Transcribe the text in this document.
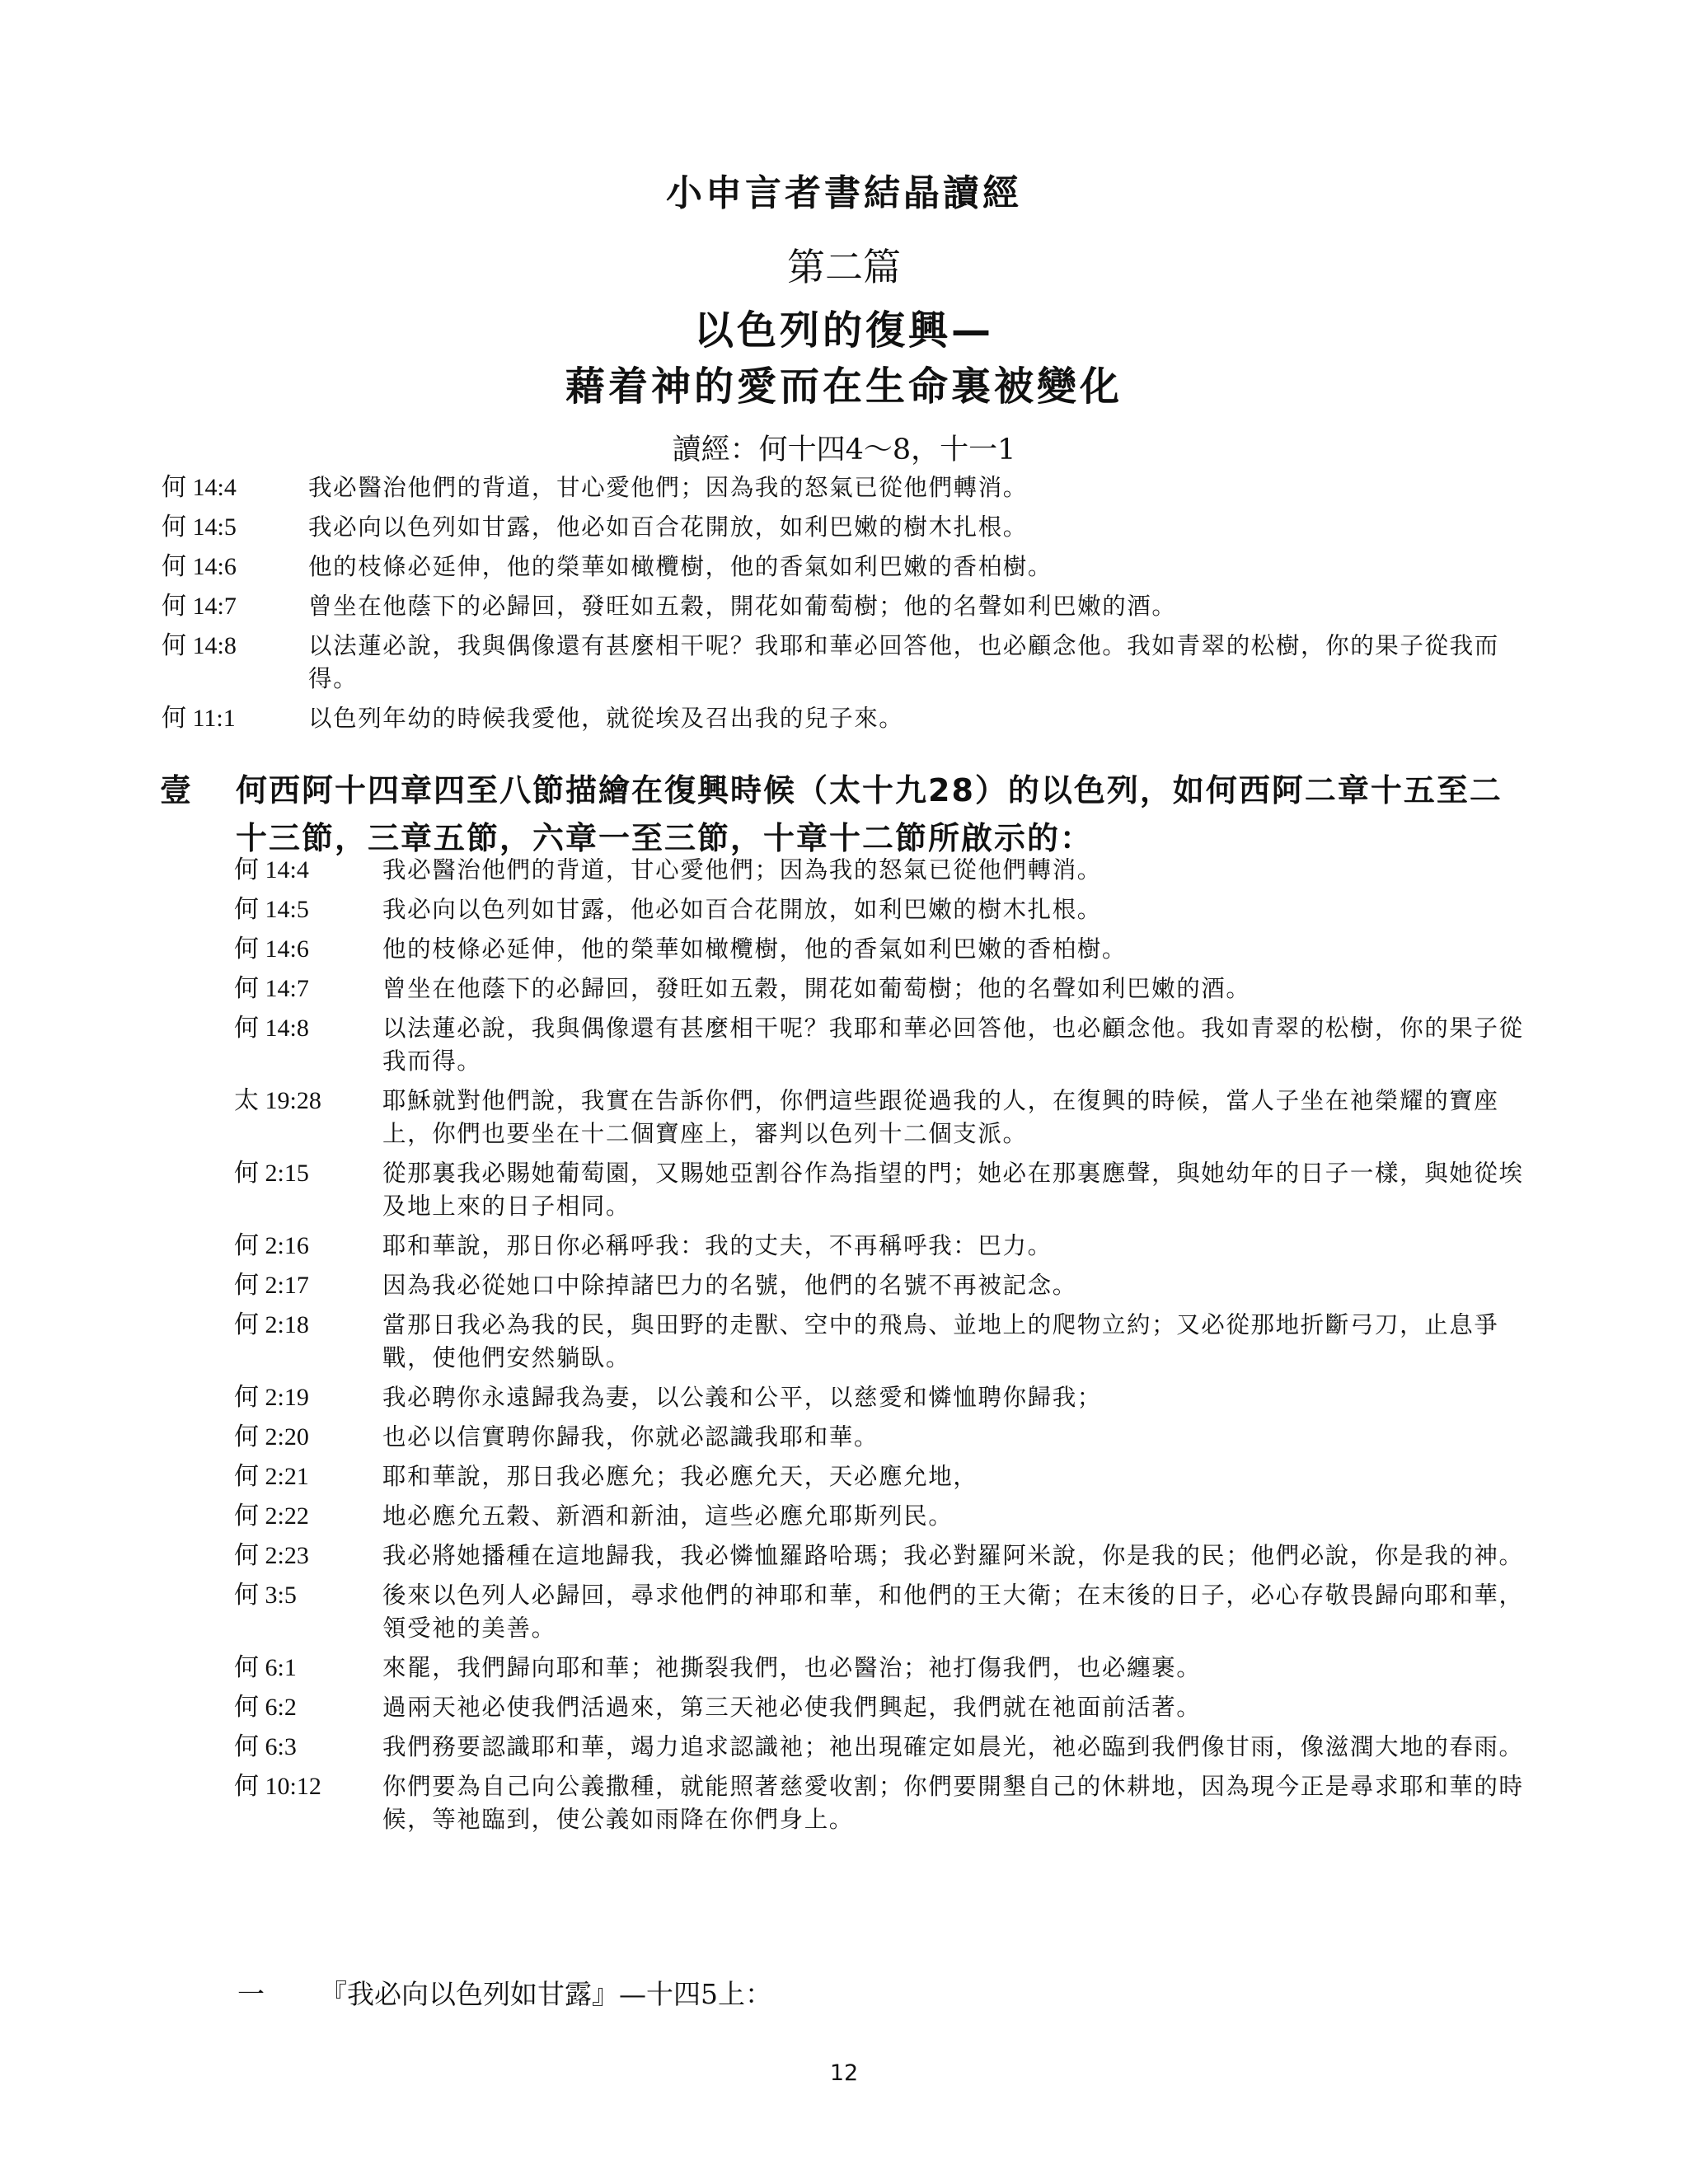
小申言者書結晶讀經
第二篇
以色列的復興—
藉着神的愛而在生命裏被變化
讀經：何十四4～8，十一1
何 14:4	我必醫治他們的背道，甘心愛他們；因為我的怒氣已從他們轉消。
何 14:5	我必向以色列如甘露，他必如百合花開放，如利巴嫩的樹木扎根。
何 14:6	他的枝條必延伸，他的榮華如橄欖樹，他的香氣如利巴嫩的香柏樹。
何 14:7	曾坐在他蔭下的必歸回，發旺如五穀，開花如葡萄樹；他的名聲如利巴嫩的酒。
何 14:8	以法蓮必說，我與偶像還有甚麼相干呢？我耶和華必回答他，也必顧念他。我如青翠的松樹，你的果子從我而得。
何 11:1	以色列年幼的時候我愛他，就從埃及召出我的兒子來。
壹 何西阿十四章四至八節描繪在復興時候（太十九28）的以色列，如何西阿二章十五至二十三節，三章五節，六章一至三節，十章十二節所啟示的：
何 14:4	我必醫治他們的背道，甘心愛他們；因為我的怒氣已從他們轉消。
何 14:5	我必向以色列如甘露，他必如百合花開放，如利巴嫩的樹木扎根。
何 14:6	他的枝條必延伸，他的榮華如橄欖樹，他的香氣如利巴嫩的香柏樹。
何 14:7	曾坐在他蔭下的必歸回，發旺如五穀，開花如葡萄樹；他的名聲如利巴嫩的酒。
何 14:8	以法蓮必說，我與偶像還有甚麼相干呢？我耶和華必回答他，也必顧念他。我如青翠的松樹，你的果子從我而得。
太 19:28	耶穌就對他們說，我實在告訴你們，你們這些跟從過我的人，在復興的時候，當人子坐在祂榮耀的寶座上，你們也要坐在十二個寶座上，審判以色列十二個支派。
何 2:15	從那裏我必賜她葡萄園，又賜她亞割谷作為指望的門；她必在那裏應聲，與她幼年的日子一樣，與她從埃及地上來的日子相同。
何 2:16	耶和華說，那日你必稱呼我：我的丈夫，不再稱呼我：巴力。
何 2:17	因為我必從她口中除掉諸巴力的名號，他們的名號不再被記念。
何 2:18	當那日我必為我的民，與田野的走獸、空中的飛鳥、並地上的爬物立約；又必從那地折斷弓刀，止息爭戰，使他們安然躺臥。
何 2:19	我必聘你永遠歸我為妻，以公義和公平，以慈愛和憐恤聘你歸我；
何 2:20	也必以信實聘你歸我，你就必認識我耶和華。
何 2:21	耶和華說，那日我必應允；我必應允天，天必應允地，
何 2:22	地必應允五穀、新酒和新油，這些必應允耶斯列民。
何 2:23	我必將她播種在這地歸我，我必憐恤羅路哈瑪；我必對羅阿米說，你是我的民；他們必說，你是我的神。
何 3:5	後來以色列人必歸回，尋求他們的神耶和華，和他們的王大衛；在末後的日子，必心存敬畏歸向耶和華，領受祂的美善。
何 6:1	來罷，我們歸向耶和華；祂撕裂我們，也必醫治；祂打傷我們，也必纏裹。
何 6:2	過兩天祂必使我們活過來，第三天祂必使我們興起，我們就在祂面前活著。
何 6:3	我們務要認識耶和華，竭力追求認識祂；祂出現確定如晨光，祂必臨到我們像甘雨，像滋潤大地的春雨。
何 10:12	你們要為自己向公義撒種，就能照著慈愛收割；你們要開墾自己的休耕地，因為現今正是尋求耶和華的時候，等祂臨到，使公義如雨降在你們身上。
一 『我必向以色列如甘露』—十四5上：
12
